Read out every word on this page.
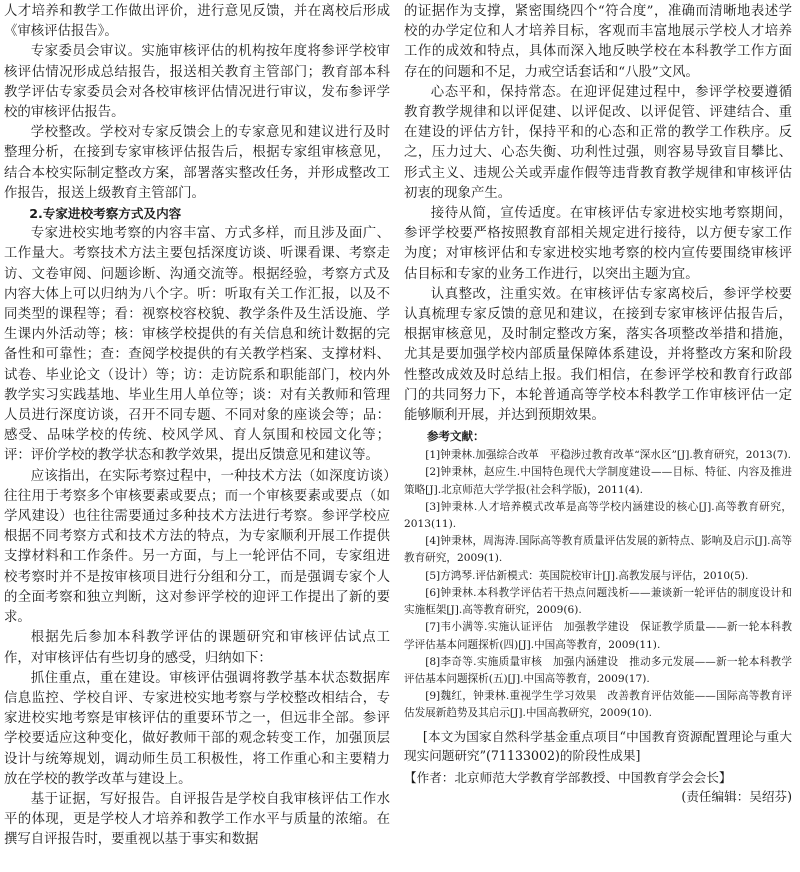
人才培养和教学工作做出评价，进行意见反馈，并在离校后形成《审核评估报告》。

专家委员会审议。实施审核评估的机构按年度将参评学校审核评估情况形成总结报告，报送相关教育主管部门；教育部本科教学评估专家委员会对各校审核评估情况进行审议，发布参评学校的审核评估报告。

学校整改。学校对专家反馈会上的专家意见和建议进行及时整理分析，在接到专家审核评估报告后，根据专家组审核意见，结合本校实际制定整改方案，部署落实整改任务，并形成整改工作报告，报送上级教育主管部门。

2.专家进校考察方式及内容

专家进校实地考察的内容丰富、方式多样，而且涉及面广、工作量大。考察技术方法主要包括深度访谈、听课看课、考察走访、文卷审阅、问题诊断、沟通交流等。根据经验，考察方式及内容大体上可以归纳为八个字。听：听取有关工作汇报，以及不同类型的课程等；看：视察校容校貌、教学条件及生活设施、学生课内外活动等；核：审核学校提供的有关信息和统计数据的完备性和可靠性；查：查阅学校提供的有关教学档案、支撑材料、试卷、毕业论文（设计）等；访：走访院系和职能部门，校内外教学实习实践基地、毕业生用人单位等；谈：对有关教师和管理人员进行深度访谈，召开不同专题、不同对象的座谈会等；品：感受、品味学校的传统、校风学风、育人氛围和校园文化等；评：评价学校的教学状态和教学效果，提出反馈意见和建议等。

应该指出，在实际考察过程中，一种技术方法（如深度访谈）往往用于考察多个审核要素或要点；而一个审核要素或要点（如学风建设）也往往需要通过多种技术方法进行考察。参评学校应根据不同考察方式和技术方法的特点，为专家顺利开展工作提供支撑材料和工作条件。另一方面，与上一轮评估不同，专家组进校考察时并不是按审核项目进行分组和分工，而是强调专家个人的全面考察和独立判断，这对参评学校的迎评工作提出了新的要求。

根据先后参加本科教学评估的课题研究和审核评估试点工作，对审核评估有些切身的感受，归纳如下：

抓住重点，重在建设。审核评估强调将教学基本状态数据库信息监控、学校自评、专家进校实地考察与学校整改相结合，专家进校实地考察是审核评估的重要环节之一，但远非全部。参评学校要适应这种变化，做好教师干部的观念转变工作，加强顶层设计与统筹规划，调动师生员工积极性，将工作重心和主要精力放在学校的教学改革与建设上。

基于证据，写好报告。自评报告是学校自我审核评估工作水平的体现，更是学校人才培养和教学工作水平与质量的浓缩。在撰写自评报告时，要重视以基于事实和数据

的证据作为支撑，紧密围绕四个“符合度”，准确而清晰地表述学校的办学定位和人才培养目标，客观而丰富地展示学校人才培养工作的成效和特点，具体而深入地反映学校在本科教学工作方面存在的问题和不足，力戒空话套话和“八股”文风。

心态平和，保持常态。在迎评促建过程中，参评学校要遵循教育教学规律和以评促建、以评促改、以评促管、评建结合、重在建设的评估方针，保持平和的心态和正常的教学工作秩序。反之，压力过大、心态失衡、功利性过强，则容易导致盲目攀比、形式主义、违规公关或弄虚作假等违背教育教学规律和审核评估初衷的现象产生。

接待从简，宣传适度。在审核评估专家进校实地考察期间，参评学校要严格按照教育部相关规定进行接待，以方便专家工作为度；对审核评估和专家进校实地考察的校内宣传要围绕审核评估目标和专家的业务工作进行，以突出主题为宜。

认真整改，注重实效。在审核评估专家离校后，参评学校要认真梳理专家反馈的意见和建议，在接到专家审核评估报告后，根据审核意见，及时制定整改方案，落实各项整改举措和措施，尤其是要加强学校内部质量保障体系建设，并将整改方案和阶段性整改成效及时总结上报。我们相信，在参评学校和教育行政部门的共同努力下，本轮普通高等学校本科教学工作审核评估一定能够顺利开展，并达到预期效果。

参考文献：

[1]钟秉林.加强综合改革　平稳涉过教育改革“深水区”[J].教育研究，2013(7).

[2]钟秉林，赵应生.中国特色现代大学制度建设——目标、特征、内容及推进策略[J].北京师范大学学报(社会科学版)，2011(4).

[3]钟秉林.人才培养模式改革是高等学校内涵建设的核心[J].高等教育研究，2013(11).

[4]钟秉林，周海涛.国际高等教育质量评估发展的新特点、影响及启示[J].高等教育研究，2009(1).

[5]方鸿琴.评估新模式：英国院校审计[J].高教发展与评估，2010(5).

[6]钟秉林.本科教学评估若干热点问题浅析——兼谈新一轮评估的制度设计和实施框架[J].高等教育研究，2009(6).

[7]韦小满等.实施认证评估　加强教学建设　保证教学质量——新一轮本科教学评估基本问题探析(四)[J].中国高等教育，2009(11).

[8]李奇等.实施质量审核　加强内涵建设　推动多元发展——新一轮本科教学评估基本问题探析(五)[J].中国高等教育，2009(17).

[9]魏红，钟秉林.重视学生学习效果　改善教育评估效能——国际高等教育评估发展新趋势及其启示[J].中国高教研究，2009(10).

[本文为国家自然科学基金重点项目“中国教育资源配置理论与重大现实问题研究”(71133002)的阶段性成果]

【作者：北京师范大学教育学部教授、中国教育学会会长】
(责任编辑：吴绍芬)
